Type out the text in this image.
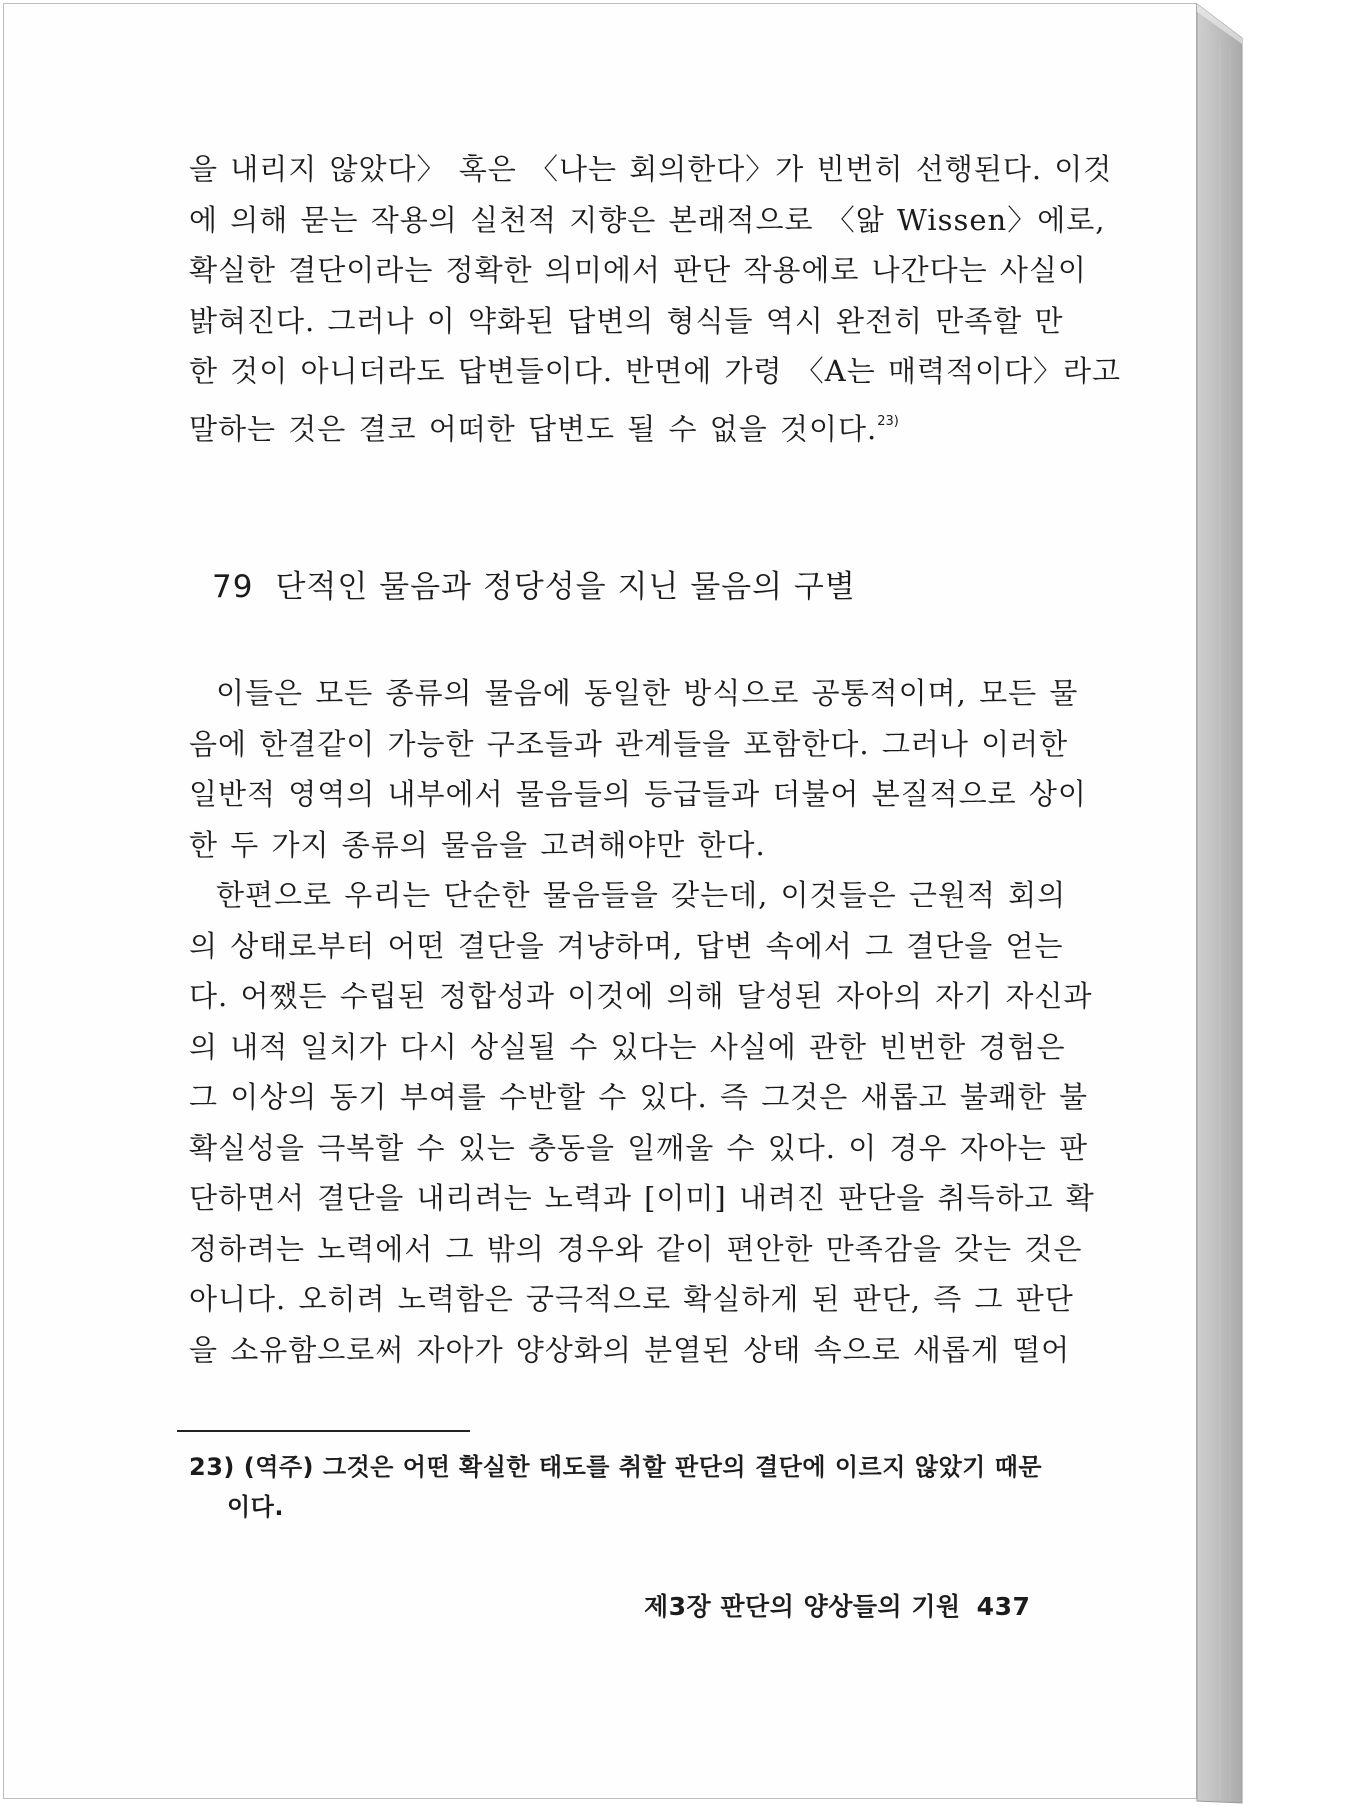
을 내리지 않았다〉 혹은 〈나는 회의한다〉가 빈번히 선행된다. 이것
에 의해 묻는 작용의 실천적 지향은 본래적으로 〈앎 Wissen〉에로,
확실한 결단이라는 정확한 의미에서 판단 작용에로 나간다는 사실이
밝혀진다. 그러나 이 약화된 답변의 형식들 역시 완전히 만족할 만
한 것이 아니더라도 답변들이다. 반면에 가령 〈A는 매력적이다〉라고
말하는 것은 결코 어떠한 답변도 될 수 없을 것이다.$^{23)}$

79 단적인 물음과 정당성을 지닌 물음의 구별

이들은 모든 종류의 물음에 동일한 방식으로 공통적이며, 모든 물
음에 한결같이 가능한 구조들과 관계들을 포함한다. 그러나 이러한
일반적 영역의 내부에서 물음들의 등급들과 더불어 본질적으로 상이
한 두 가지 종류의 물음을 고려해야만 한다.

한편으로 우리는 단순한 물음들을 갖는데, 이것들은 근원적 회의
의 상태로부터 어떤 결단을 겨냥하며, 답변 속에서 그 결단을 얻는
다. 어쨌든 수립된 정합성과 이것에 의해 달성된 자아의 자기 자신과
의 내적 일치가 다시 상실될 수 있다는 사실에 관한 빈번한 경험은
그 이상의 동기 부여를 수반할 수 있다. 즉 그것은 새롭고 불쾌한 불
확실성을 극복할 수 있는 충동을 일깨울 수 있다. 이 경우 자아는 판
단하면서 결단을 내리려는 노력과 [이미] 내려진 판단을 취득하고 확
정하려는 노력에서 그 밖의 경우와 같이 편안한 만족감을 갖는 것은
아니다. 오히려 노력함은 궁극적으로 확실하게 된 판단, 즉 그 판단
을 소유함으로써 자아가 양상화의 분열된 상태 속으로 새롭게 떨어

23) (역주) 그것은 어떤 확실한 태도를 취할 판단의 결단에 이르지 않았기 때문
이다.
제3장 판단의 양상들의 기원 437
